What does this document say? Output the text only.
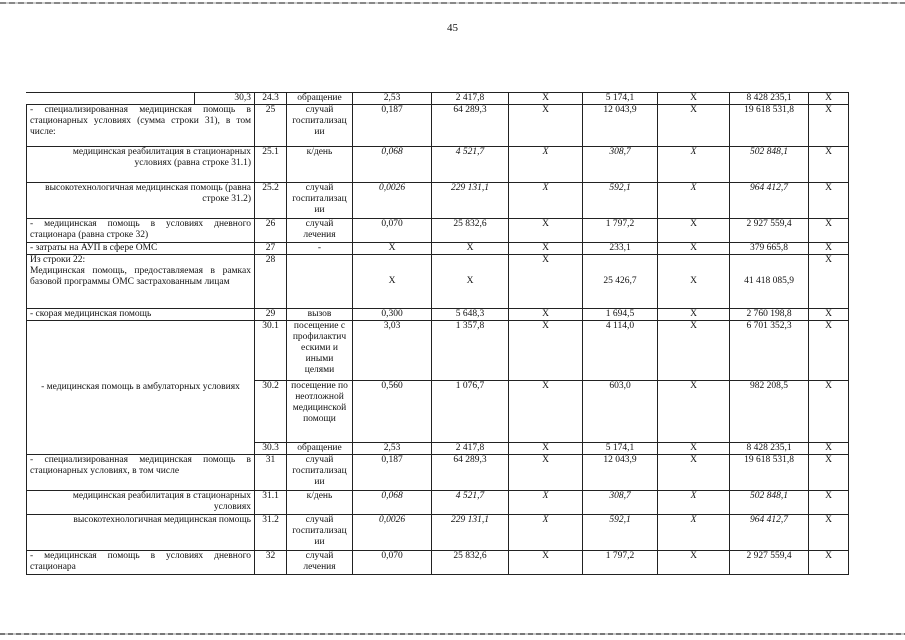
45
	30,3	24.3	обращение	2,53	2 417,8	X	5 174,1	X	8 428 235,1	X
- специализированная медицинская помощь в стационарных условиях (сумма строки 31), в том числе:		25	случай госпитализац ии	0,187	64 289,3	X	12 043,9	X	19 618 531,8	X
медицинская реабилитация в стационарных условиях (равна строке 31.1)		25.1	к/день	0,068	4 521,7	X	308,7	X	502 848,1	X
высокотехнологичная медицинская помощь (равна строке 31.2)		25.2	случай госпитализац ии	0,0026	229 131,1	X	592,1	X	964 412,7	X
- медицинская помощь в условиях дневного стационара (равна строке 32)		26	случай лечения	0,070	25 832,6	X	1 797,2	X	2 927 559,4	X
- затраты на АУП в сфере ОМС		27	-	X	X	X	233,1	X	379 665,8	X

Из строки 22:
Медицинская помощь, предоставляемая в рамках базовой программы ОМС застрахованным лицам		28		X	X	X	25 426,7	X	41 418 085,9	X
- скорая медицинская помощь		29	вызов	0,300	5 648,3	X	1 694,5	X	2 760 198,8	X
- медицинская помощь в амбулаторных условиях		30.1	посещение с профилактич ескими и иными целями	3,03	1 357,8	X	4 114,0	X	6 701 352,3	X
		30.2	посещение по неотложной медицинской помощи	0,560	1 076,7	X	603,0	X	982 208,5	X
		30.3	обращение	2,53	2 417,8	X	5 174,1	X	8 428 235,1	X
- специализированная медицинская помощь в стационарных условиях, в том числе		31	случай госпитализац ии	0,187	64 289,3	X	12 043,9	X	19 618 531,8	X
медицинская реабилитация в стационарных условиях		31.1	к/день	0,068	4 521,7	X	308,7	X	502 848,1	X
высокотехнологичная медицинская помощь		31.2	случай госпитализац ии	0,0026	229 131,1	X	592,1	X	964 412,7	X
- медицинская помощь в условиях дневного стационара		32	случай лечения	0,070	25 832,6	X	1 797,2	X	2 927 559,4	X
